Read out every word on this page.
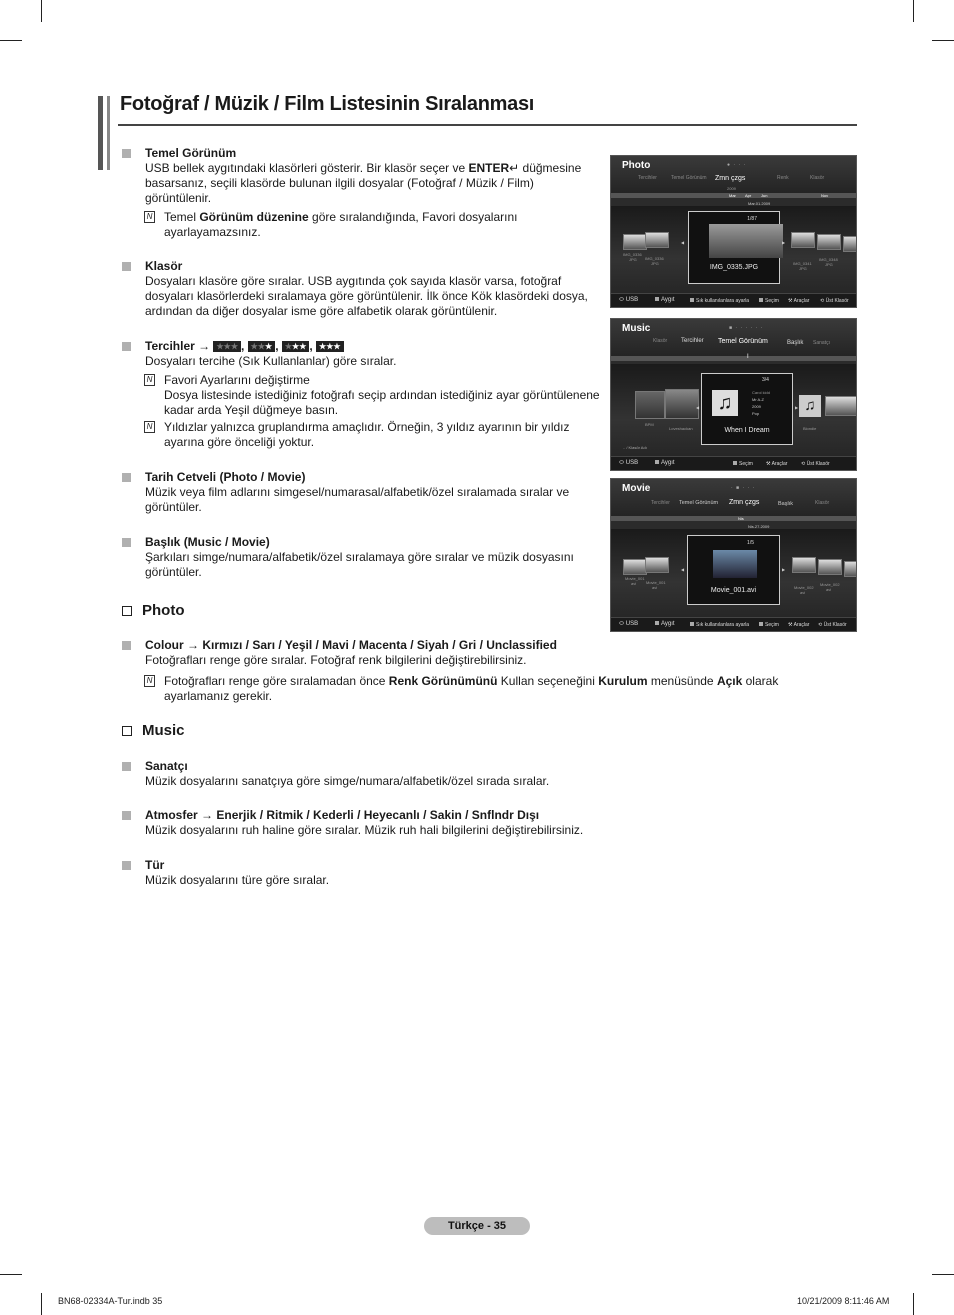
Fotoğraf / Müzik / Film Listesinin Sıralanması
Temel Görünüm
USB bellek aygıtındaki klasörleri gösterir. Bir klasör seçer ve ENTER↵ düğmesine basarsanız, seçili klasörde bulunan ilgili dosyalar (Fotoğraf / Müzik / Film) görüntülenir.
N Temel Görünüm düzenine göre sıralandığında, Favori dosyalarını ayarlayamazsınız.
Klasör
Dosyaları klasöre göre sıralar. USB aygıtında çok sayıda klasör varsa, fotoğraf dosyaları klasörlerdeki sıralamaya göre görüntülenir. İlk önce Kök klasördeki dosya, ardından da diğer dosyalar isme göre alfabetik olarak görüntülenir.
Tercihler → ★★★ , ★★★ , ★★★ , ★★★
Dosyaları tercihe (Sık Kullanlanlar) göre sıralar.
N Favori Ayarlarını değiştirme
Dosya listesinde istediğiniz fotoğrafı seçip ardından istediğiniz ayar görüntülenene kadar arda Yeşil düğmeye basın.
N Yıldızlar yalnızca gruplandırma amaçlıdır. Örneğin, 3 yıldız ayarının bir yıldız ayarına göre önceliği yoktur.
Tarih Cetveli (Photo / Movie)
Müzik veya film adlarını simgesel/numarasal/alfabetik/özel sıralamada sıralar ve görüntüler.
Başlık (Music / Movie)
Şarkıları simge/numara/alfabetik/özel sıralamaya göre sıralar ve müzik dosyasını görüntüler.
Photo
Colour → Kırmızı / Sarı / Yeşil / Mavi / Macenta / Siyah / Gri / Unclassified
Fotoğrafları renge göre sıralar. Fotoğraf renk bilgilerini değiştirebilirsiniz.
N Fotoğrafları renge göre sıralamadan önce Renk Görünümünü Kullan seçeneğini Kurulum menüsünde Açık olarak ayarlamanız gerekir.
Music
Sanatçı
Müzik dosyalarını sanatçıya göre simge/numara/alfabetik/özel sırada sıralar.
Atmosfer → Enerjik / Ritmik / Kederli / Heyecanlı / Sakin / Snflndr Dışı
Müzik dosyalarını ruh haline göre sıralar. Müzik ruh hali bilgilerini değiştirebilirsiniz.
Tür
Müzik dosyalarını türe göre sıralar.
Photo	● · · ·
Tercihler	Temel Görünüm Zmn çzgs	Renk	Klasör
2009
Mar Apr Jun	Nov
Mar.01.2009
IMG_0336
JPG IMG_0336
JPG
◀
1/87
IMG_0335.JPG
▶
IMG_0341
JPG
IMG_0348
JPG
⬭ USB	Aygıt	Sık kullanılanlara ayarla	Seçim ⚒ Araçlar ⟲ Üst Klasör
Music	■ · · · · · ·
Klasör Tercihler Temel Görünüm	Başlık Sanatçı
I
BPM
Loveshackan
◀
3/4
♫	Carol kidd
Mr A-Z
2009
Pop
When I Dream
▶ ♫
Blondie
.. / Klasör Adı
⬭ USB	Aygıt	Seçim	⚒ Araçlar	⟲ Üst Klasör
Movie	· ■ · · ·
Tercihler Temel Görünüm Zmn çzgs	Başlık	Klasör
Nis
Nis.27.2009
Movie_001
avi Movie_001
avi
◀
1/5
Movie_001.avi
▶
Movie_002
avi
Movie_002
avi
⬭ USB	Aygıt	Sık kullanılanlara ayarla	Seçim ⚒ Araçlar ⟲ Üst Klasör
Türkçe - 35
BN68-02334A-Tur.indb 35	10/21/2009 8:11:46 AM
